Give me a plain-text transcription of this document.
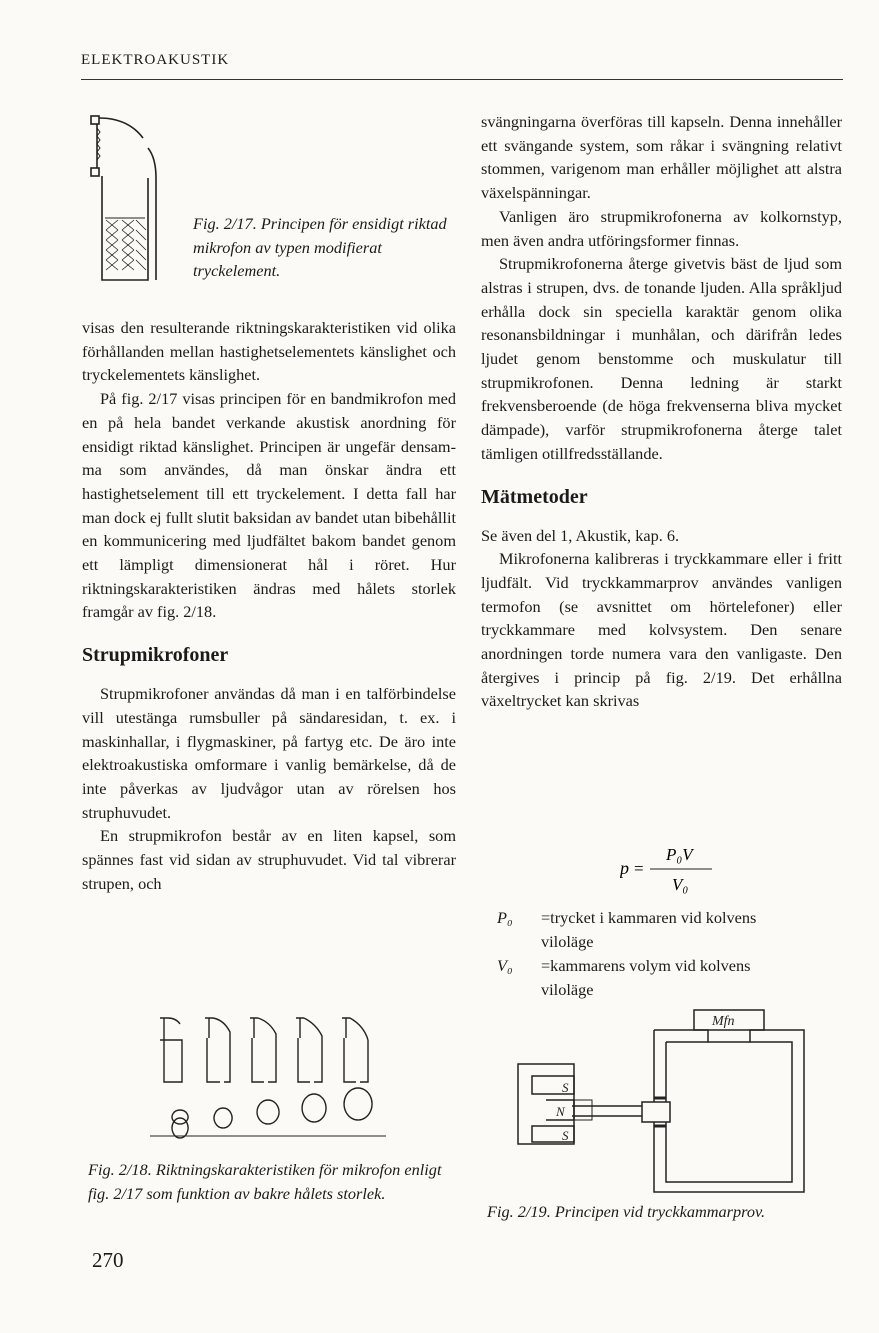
ELEKTROAKUSTIK
Fig. 2/17. Principen för ensidigt riktad mikrofon av typen modifierat tryckelement.

visas den resulterande riktningskarakteristiken vid olika förhållanden mellan hastighetselementets känslighet och tryckelementets känslighet.

På fig. 2/17 visas principen för en bandmikrofon med en på hela bandet verkande akustisk anordning för ensidigt riktad känslighet. Principen är ungefär densamma som användes, då man önskar ändra ett hastighetselement till ett tryckelement. I detta fall har man dock ej fullt slutit baksidan av bandet utan bibehållit en kommunicering med ljudfältet bakom bandet genom ett lämpligt dimensionerat hål i röret. Hur riktningskarakteristiken ändras med hålets storlek framgår av fig. 2/18.

Strupmikrofoner

Strupmikrofoner användas då man i en talförbindelse vill utestänga rumsbuller på sändaresidan, t. ex. i maskinhallar, i flygmaskiner, på fartyg etc. De äro inte elektroakustiska omformare i vanlig bemärkelse, då de inte påverkas av ljudvågor utan av rörelsen hos struphuvudet.

En strupmikrofon består av en liten kapsel, som spännes fast vid sidan av struphuvudet. Vid tal vibrerar strupen, och

Fig. 2/18. Riktningskarakteristiken för mikrofon enligt fig. 2/17 som funktion av bakre hålets storlek.

svängningarna överföras till kapseln. Denna innehåller ett svängande system, som råkar i svängning relativt stommen, varigenom man erhåller möjlighet att alstra växelspänningar.

Vanligen äro strupmikrofonerna av kolkornstyp, men även andra utföringsformer finnas.

Strupmikrofonerna återge givetvis bäst de ljud som alstras i strupen, dvs. de tonande ljuden. Alla språkljud erhålla dock sin speciella karaktär genom olika resonansbildningar i munhålan, och därifrån ledes ljudet genom benstomme och muskulatur till strupmikrofonen. Denna ledning är starkt frekvensberoende (de höga frekvenserna bliva mycket dämpade), varför strupmikrofonerna återge talet tämligen otillfredsställande.

Mätmetoder

Se även del 1, Akustik, kap. 6.

Mikrofonerna kalibreras i tryckkammare eller i fritt ljudfält. Vid tryckkammarprov användes vanligen termofon (se avsnittet om hörtelefoner) eller tryckkammare med kolvsystem. Den senare anordningen torde numera vara den vanligaste. Den återgives i princip på fig. 2/19. Det erhållna växeltrycket kan skrivas

p =
P₀V
V₀
P₀	=trycket i kammaren vid kolvens
viloläge
V₀	=kammarens volym vid kolvens
viloläge
S
N
S
Mfn
Fig. 2/19. Principen vid tryckkammarprov.
270
